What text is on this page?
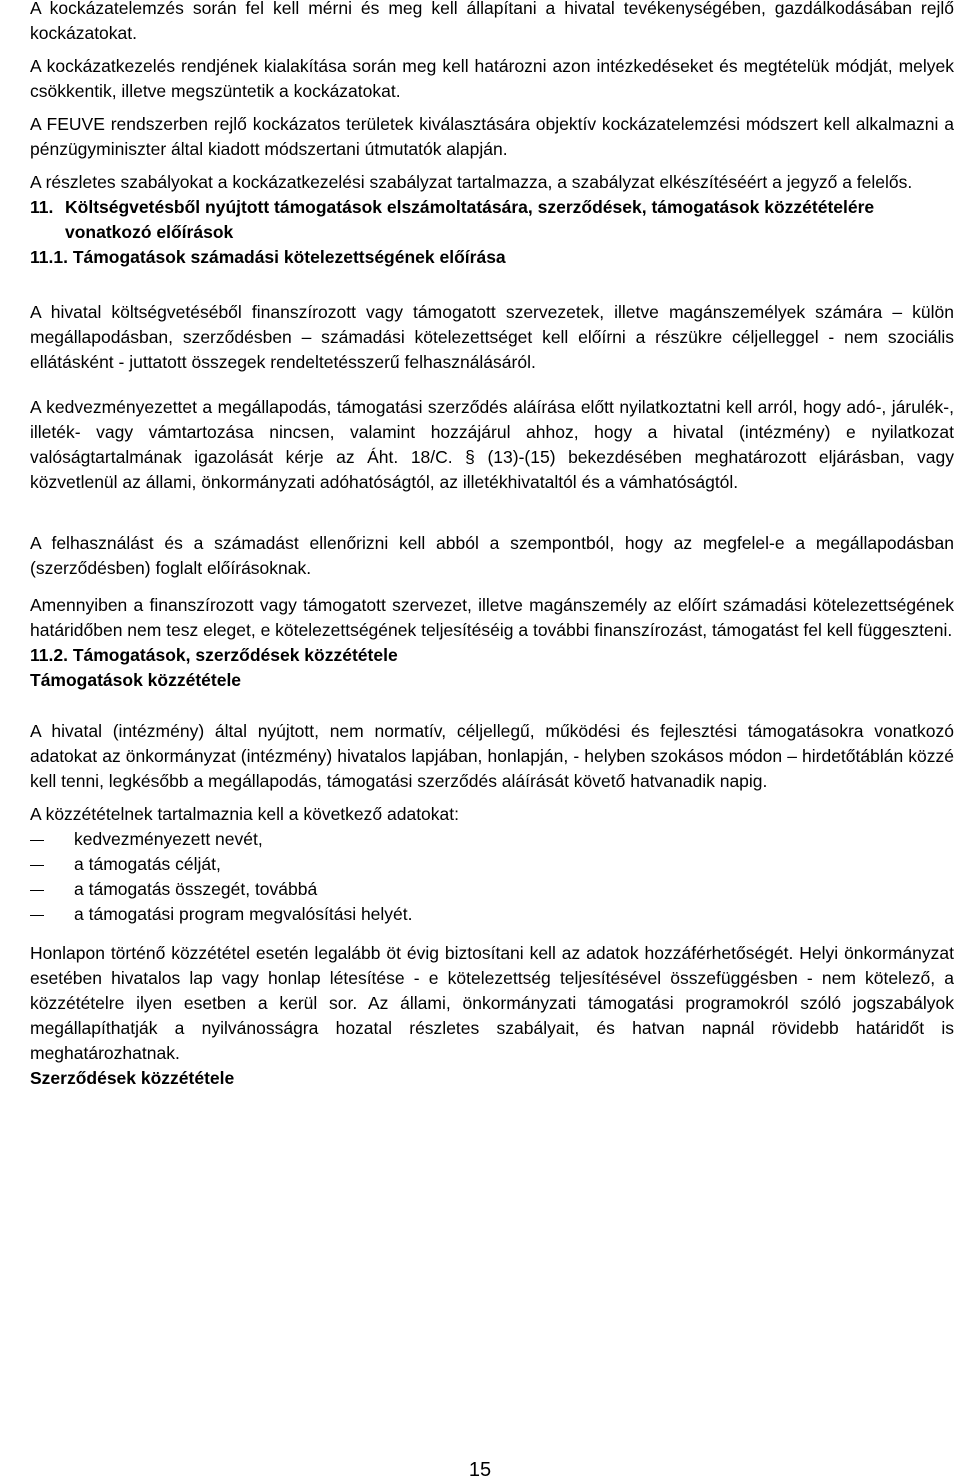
A kockázatelemzés során fel kell mérni és meg kell állapítani a hivatal tevékenységében, gazdálkodásában rejlő kockázatokat.

A kockázatkezelés rendjének kialakítása során meg kell határozni azon intézkedéseket és megtételük módját, melyek csökkentik, illetve megszüntetik a kockázatokat.

A FEUVE rendszerben rejlő kockázatos területek kiválasztására objektív kockázatelemzési módszert kell alkalmazni a pénzügyminiszter által kiadott módszertani útmutatók alapján.

A részletes szabályokat a kockázatkezelési szabályzat tartalmazza, a szabályzat elkészítéséért a jegyző a felelős.

11. Költségvetésből nyújtott támogatások elszámoltatására, szerződések, támogatások közzétételére vonatkozó előírások

11.1. Támogatások számadási kötelezettségének előírása

A hivatal költségvetéséből finanszírozott vagy támogatott szervezetek, illetve magánszemélyek számára – külön megállapodásban, szerződésben – számadási kötelezettséget kell előírni a részükre céljelleggel - nem szociális ellátásként - juttatott összegek rendeltetésszerű felhasználásáról.

A kedvezményezettet a megállapodás, támogatási szerződés aláírása előtt nyilatkoztatni kell arról, hogy adó-, járulék-, illeték- vagy vámtartozása nincsen, valamint hozzájárul ahhoz, hogy a hivatal (intézmény) e nyilatkozat valóságtartalmának igazolását kérje az Áht. 18/C. § (13)-(15) bekezdésében meghatározott eljárásban, vagy közvetlenül az állami, önkormányzati adóhatóságtól, az illetékhivataltól és a vámhatóságtól.

A felhasználást és a számadást ellenőrizni kell abból a szempontból, hogy az megfelel-e a megállapodásban (szerződésben) foglalt előírásoknak.

Amennyiben a finanszírozott vagy támogatott szervezet, illetve magánszemély az előírt számadási kötelezettségének határidőben nem tesz eleget, e kötelezettségének teljesítéséig a további finanszírozást, támogatást fel kell függeszteni.

11.2. Támogatások, szerződések közzététele

Támogatások közzététele

A hivatal (intézmény) által nyújtott, nem normatív, céljellegű, működési és fejlesztési támogatásokra vonatkozó adatokat az önkormányzat (intézmény) hivatalos lapjában, honlapján, - helyben szokásos módon – hirdetőtáblán közzé kell tenni, legkésőbb a megállapodás, támogatási szerződés aláírását követő hatvanadik napig.

A közzétételnek tartalmaznia kell a következő adatokat:

kedvezményezett nevét,
a támogatás célját,
a támogatás összegét, továbbá
a támogatási program megvalósítási helyét.

Honlapon történő közzététel esetén legalább öt évig biztosítani kell az adatok hozzáférhetőségét. Helyi önkormányzat esetében hivatalos lap vagy honlap létesítése - e kötelezettség teljesítésével összefüggésben - nem kötelező, a közzétételre ilyen esetben a kerül sor. Az állami, önkormányzati támogatási programokról szóló jogszabályok megállapíthatják a nyilvánosságra hozatal részletes szabályait, és hatvan napnál rövidebb határidőt is meghatározhatnak.

Szerződések közzététele

15
